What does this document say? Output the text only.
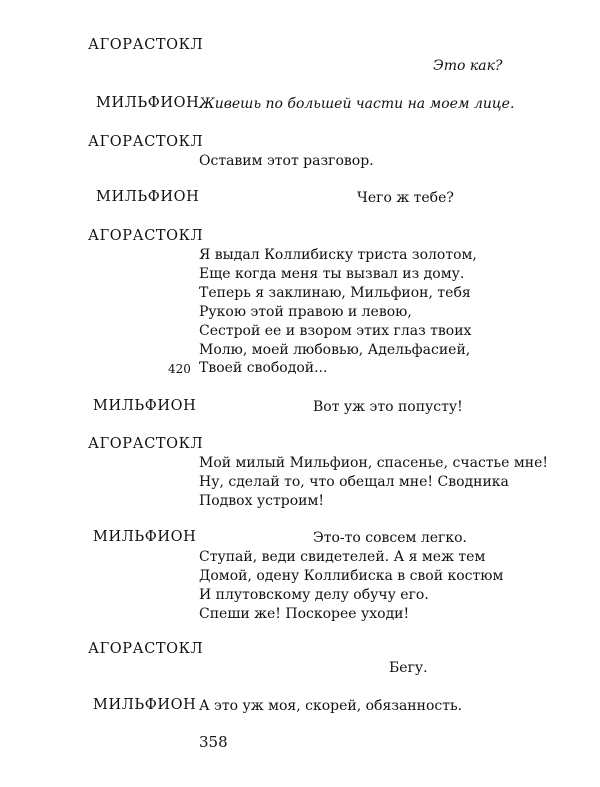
АГОРАСТОКЛ
Это как?
МИЛЬФИОН Живешь по большей части на моем лице.
АГОРАСТОКЛ
Оставим этот разговор.
МИЛЬФИОН	Чего ж тебе?
АГОРАСТОКЛ
Я выдал Коллибиску триста золотом,
Еще когда меня ты вызвал из дому.
Теперь я заклинаю, Мильфион, тебя
Рукою этой правою и левою,
Сестрой ее и взором этих глаз твоих
Молю, моей любовью, Адельфасией,
420 Твоей свободой...
МИЛЬФИОН	Вот уж это попусту!
АГОРАСТОКЛ
Мой милый Мильфион, спасенье, счастье мне!
Ну, сделай то, что обещал мне! Сводника
Подвох устроим!
МИЛЬФИОН	Это-то совсем легко.
Ступай, веди свидетелей. А я меж тем
Домой, одену Коллибиска в свой костюм
И плутовскому делу обучу его.
Спеши же! Поскорее уходи!
АГОРАСТОКЛ
Бегу.
МИЛЬФИОН А это уж моя, скорей, обязанность.
358
